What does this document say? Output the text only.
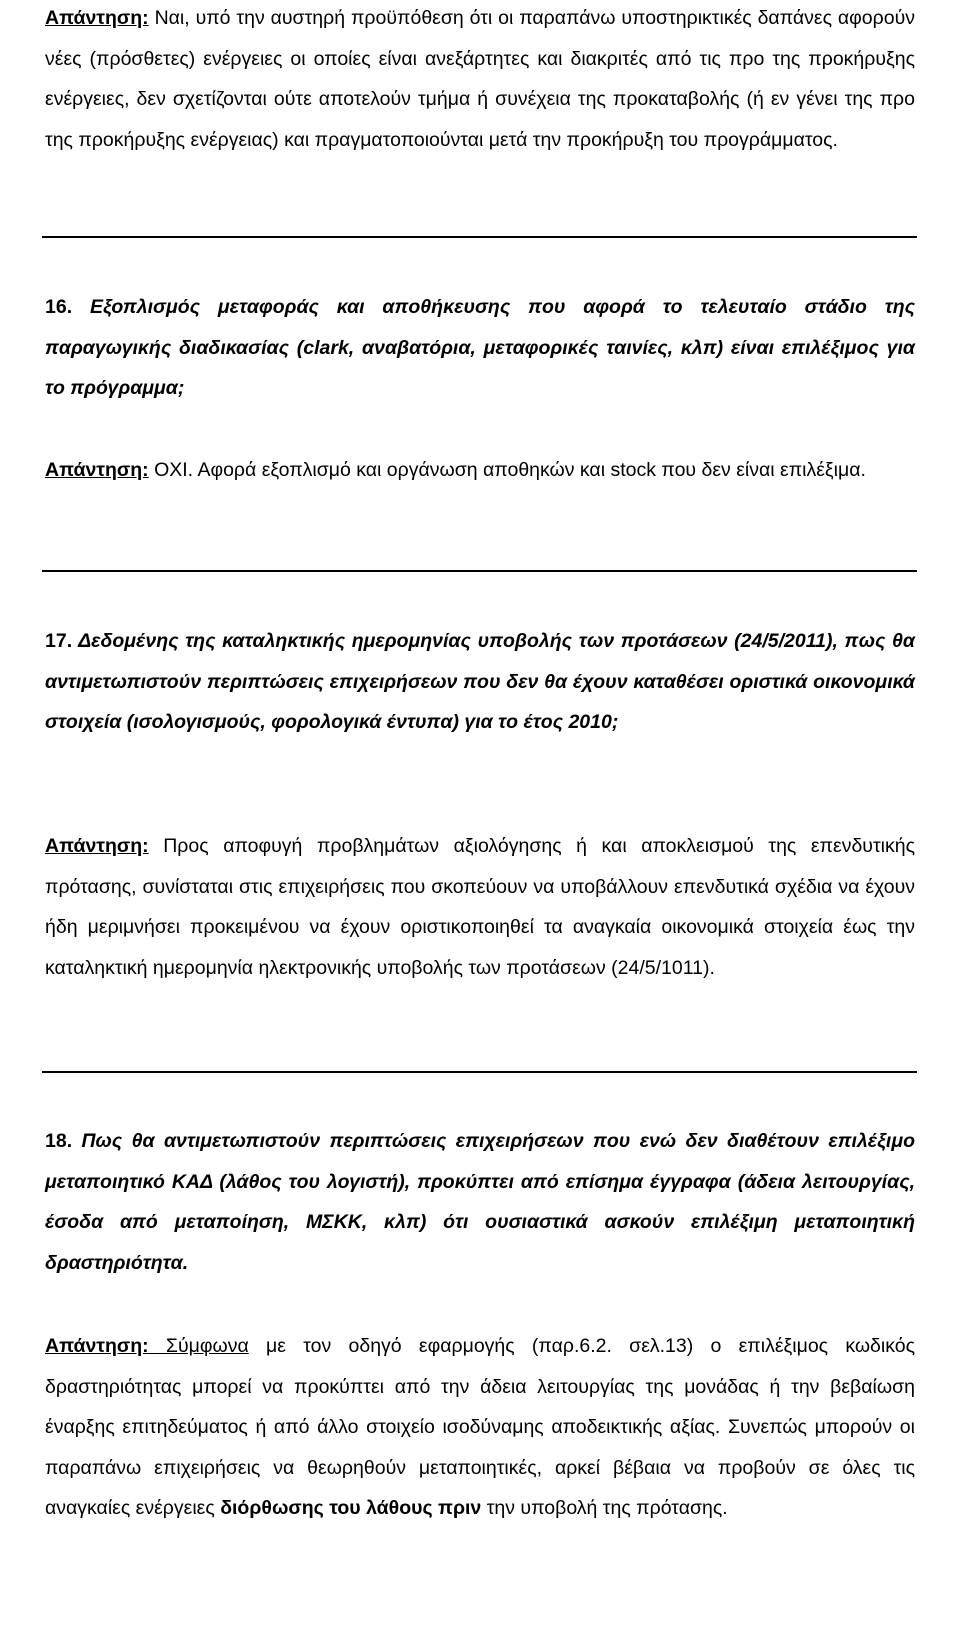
Απάντηση: Ναι, υπό την αυστηρή προϋπόθεση ότι οι παραπάνω υποστηρικτικές δαπάνες αφορούν νέες (πρόσθετες) ενέργειες οι οποίες είναι ανεξάρτητες και διακριτές από τις προ της προκήρυξης ενέργειες, δεν σχετίζονται ούτε αποτελούν τμήμα ή συνέχεια της προκαταβολής (ή εν γένει της προ της προκήρυξης ενέργειας) και πραγματοποιούνται μετά την προκήρυξη του προγράμματος.

16. Εξοπλισμός μεταφοράς και αποθήκευσης που αφορά το τελευταίο στάδιο της παραγωγικής διαδικασίας (clark, αναβατόρια, μεταφορικές ταινίες, κλπ) είναι επιλέξιμος για το πρόγραμμα;

Απάντηση: ΟΧΙ. Αφορά εξοπλισμό και οργάνωση αποθηκών και stock που δεν είναι επιλέξιμα.

17. Δεδομένης της καταληκτικής ημερομηνίας υποβολής των προτάσεων (24/5/2011), πως θα αντιμετωπιστούν περιπτώσεις επιχειρήσεων που δεν θα έχουν καταθέσει οριστικά οικονομικά στοιχεία (ισολογισμούς, φορολογικά έντυπα) για το έτος 2010;

Απάντηση: Προς αποφυγή προβλημάτων αξιολόγησης ή και αποκλεισμού της επενδυτικής πρότασης, συνίσταται στις επιχειρήσεις που σκοπεύουν να υποβάλλουν επενδυτικά σχέδια να έχουν ήδη μεριμνήσει προκειμένου να έχουν οριστικοποιηθεί τα αναγκαία οικονομικά στοιχεία έως την καταληκτική ημερομηνία ηλεκτρονικής υποβολής των προτάσεων (24/5/1011).

18. Πως θα αντιμετωπιστούν περιπτώσεις επιχειρήσεων που ενώ δεν διαθέτουν επιλέξιμο μεταποιητικό ΚΑΔ (λάθος του λογιστή), προκύπτει από επίσημα έγγραφα (άδεια λειτουργίας, έσοδα από μεταποίηση, ΜΣΚΚ, κλπ) ότι ουσιαστικά ασκούν επιλέξιμη μεταποιητική δραστηριότητα.

Απάντηση: Σύμφωνα με τον οδηγό εφαρμογής (παρ.6.2. σελ.13) ο επιλέξιμος κωδικός δραστηριότητας μπορεί να προκύπτει από την άδεια λειτουργίας της μονάδας ή την βεβαίωση έναρξης επιτηδεύματος ή από άλλο στοιχείο ισοδύναμης αποδεικτικής αξίας. Συνεπώς μπορούν οι παραπάνω επιχειρήσεις να θεωρηθούν μεταποιητικές, αρκεί βέβαια να προβούν σε όλες τις αναγκαίες ενέργειες διόρθωσης του λάθους πριν την υποβολή της πρότασης.
